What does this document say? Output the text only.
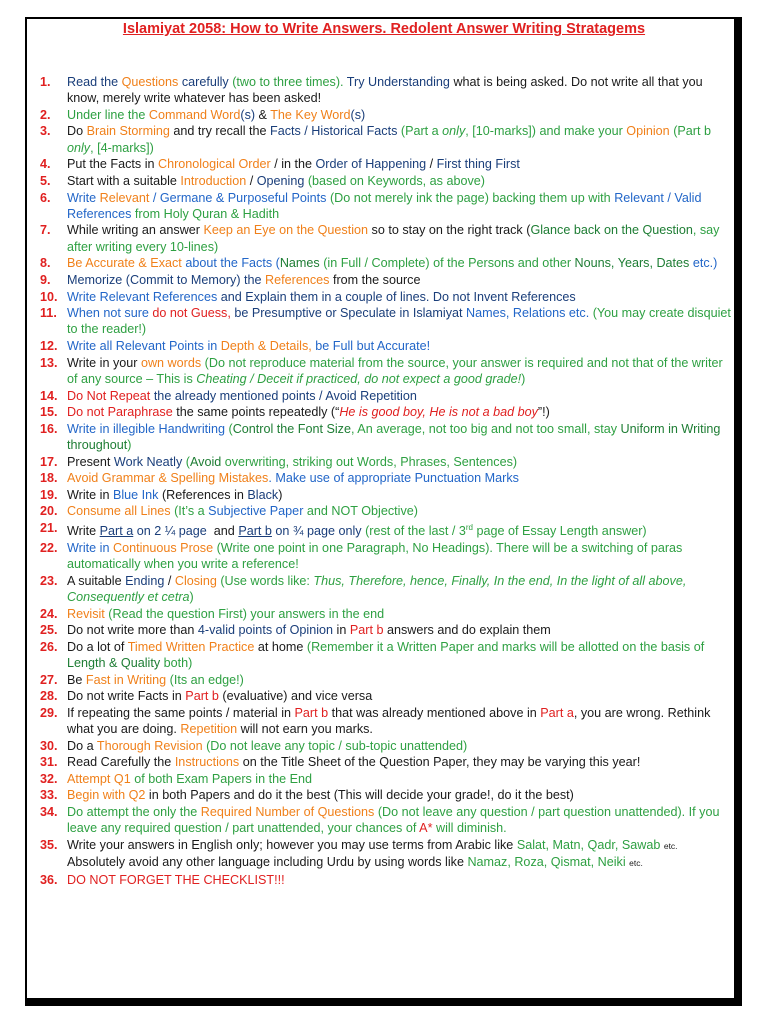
Islamiyat 2058: How to Write Answers. Redolent Answer Writing Stratagems
1.	Read the Questions carefully (two to three times). Try Understanding what is being asked. Do not write all that you know, merely write whatever has been asked!
2.	Under line the Command Word(s) & The Key Word(s)
3.	Do Brain Storming and try recall the Facts / Historical Facts (Part a only, [10-marks]) and make your Opinion (Part b only, [4-marks])
4.	Put the Facts in Chronological Order / in the Order of Happening / First thing First
5.	Start with a suitable Introduction / Opening (based on Keywords, as above)
6.	Write Relevant / Germane & Purposeful Points (Do not merely ink the page) backing them up with Relevant / Valid References from Holy Quran & Hadith
7.	While writing an answer Keep an Eye on the Question so to stay on the right track (Glance back on the Question, say after writing every 10-lines)
8.	Be Accurate & Exact about the Facts (Names (in Full / Complete) of the Persons and other Nouns, Years, Dates etc.)
9.	Memorize (Commit to Memory) the References from the source
10. Write Relevant References and Explain them in a couple of lines. Do not Invent References
11. When not sure do not Guess, be Presumptive or Speculate in Islamiyat Names, Relations etc. (You may create disquiet to the reader!)
12. Write all Relevant Points in Depth & Details, be Full but Accurate!
13. Write in your own words (Do not reproduce material from the source, your answer is required and not that of the writer of any source – This is Cheating / Deceit if practiced, do not expect a good grade!)
14. Do Not Repeat the already mentioned points / Avoid Repetition
15. Do not Paraphrase the same points repeatedly (“He is good boy, He is not a bad boy”!)
16. Write in illegible Handwriting (Control the Font Size, An average, not too big and not too small, stay Uniform in Writing throughout)
17. Present Work Neatly (Avoid overwriting, striking out Words, Phrases, Sentences)
18. Avoid Grammar & Spelling Mistakes. Make use of appropriate Punctuation Marks
19. Write in Blue Ink (References in Black)
20. Consume all Lines (It’s a Subjective Paper and NOT Objective)
21. Write Part a on 2 ¼ page  and Part b on ¾ page only (rest of the last / 3rd page of Essay Length answer)
22. Write in Continuous Prose (Write one point in one Paragraph, No Headings). There will be a switching of paras automatically when you write a reference!
23. A suitable Ending / Closing (Use words like: Thus, Therefore, hence, Finally, In the end, In the light of all above, Consequently et cetra)
24. Revisit (Read the question First) your answers in the end
25. Do not write more than 4-valid points of Opinion in Part b answers and do explain them
26. Do a lot of Timed Written Practice at home (Remember it a Written Paper and marks will be allotted on the basis of Length & Quality both)
27. Be Fast in Writing (Its an edge!)
28. Do not write Facts in Part b (evaluative) and vice versa
29. If repeating the same points / material in Part b that was already mentioned above in Part a, you are wrong. Rethink what you are doing. Repetition will not earn you marks.
30. Do a Thorough Revision (Do not leave any topic / sub-topic unattended)
31. Read Carefully the Instructions on the Title Sheet of the Question Paper, they may be varying this year!
32. Attempt Q1 of both Exam Papers in the End
33. Begin with Q2 in both Papers and do it the best (This will decide your grade!, do it the best)
34. Do attempt the only the Required Number of Questions (Do not leave any question / part question unattended). If you leave any required question / part unattended, your chances of A* will diminish.
35. Write your answers in English only; however you may use terms from Arabic like Salat, Matn, Qadr, Sawab etc. Absolutely avoid any other language including Urdu by using words like Namaz, Roza, Qismat, Neiki etc.
36. DO NOT FORGET THE CHECKLIST!!!
